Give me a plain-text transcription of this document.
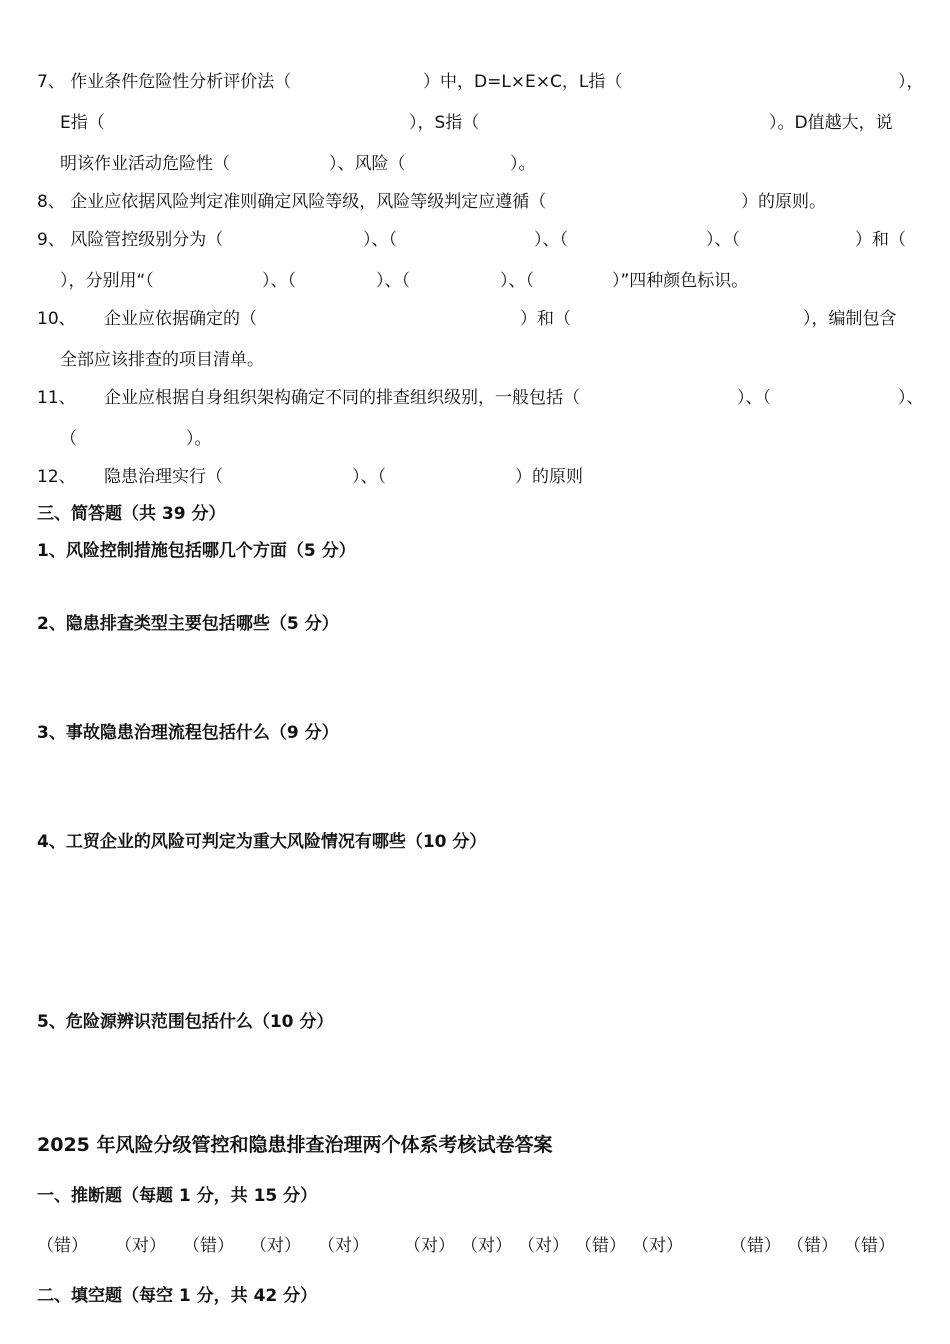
7、 作业条件危险性分析评价法（	）中，D=L×E×C，L指（	），
E指（	），S指（	）。D值越大，说
明该作业活动危险性（	）、风险（	）。
8、 企业应依据风险判定准则确定风险等级，风险等级判定应遵循（	）的原则。
9、 风险管控级别分为（	）、（	）、（	）、（	）和（
），分别用“（	）、（	）、（	）、（	）”四种颜色标识。
10、 企业应依据确定的（	）和（	），编制包含
全部应该排查的项目清单。
11、 企业应根据自身组织架构确定不同的排查组织级别，一般包括（	）、（	）、
（	）。
12、 隐患治理实行（	）、（	）的原则
三、简答题（共 39 分）
1、风险控制措施包括哪几个方面（5 分）
2、隐患排查类型主要包括哪些（5 分）
3、事故隐患治理流程包括什么（9 分）
4、工贸企业的风险可判定为重大风险情况有哪些（10 分）
5、危险源辨识范围包括什么（10 分）
2025 年风险分级管控和隐患排查治理两个体系考核试卷答案
一、推断题（每题 1 分，共 15 分）
（错） （对） （错） （对） （对） （对） （对） （对） （错） （对）	（错） （错） （错）
二、填空题（每空 1 分，共 42 分）
